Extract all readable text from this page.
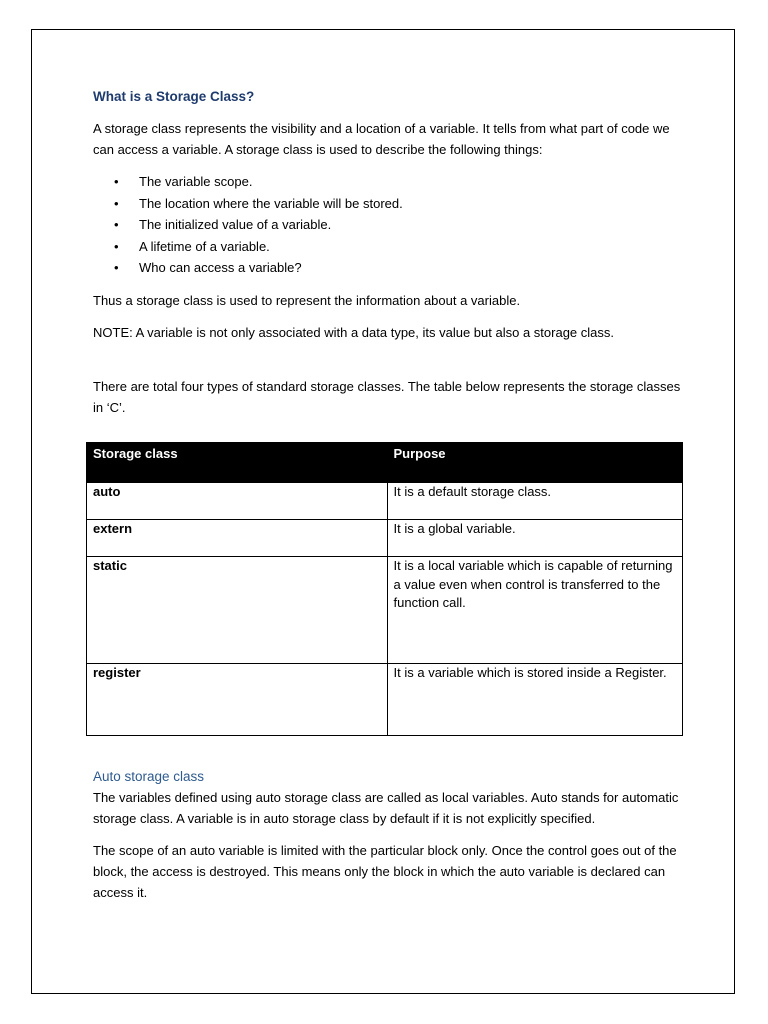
What is a Storage Class?

A storage class represents the visibility and a location of a variable. It tells from what part of code we can access a variable. A storage class is used to describe the following things:

• The variable scope.
• The location where the variable will be stored.
• The initialized value of a variable.
• A lifetime of a variable.
• Who can access a variable?

Thus a storage class is used to represent the information about a variable.

NOTE: A variable is not only associated with a data type, its value but also a storage class.

There are total four types of standard storage classes. The table below represents the storage classes in ‘C’.

Storage class	Purpose
auto	It is a default storage class.
extern	It is a global variable.
static	It is a local variable which is capable of returning a value even when control is transferred to the function call.
register	It is a variable which is stored inside a Register.
Auto storage class

The variables defined using auto storage class are called as local variables. Auto stands for automatic storage class. A variable is in auto storage class by default if it is not explicitly specified.

The scope of an auto variable is limited with the particular block only. Once the control goes out of the block, the access is destroyed. This means only the block in which the auto variable is declared can access it.
